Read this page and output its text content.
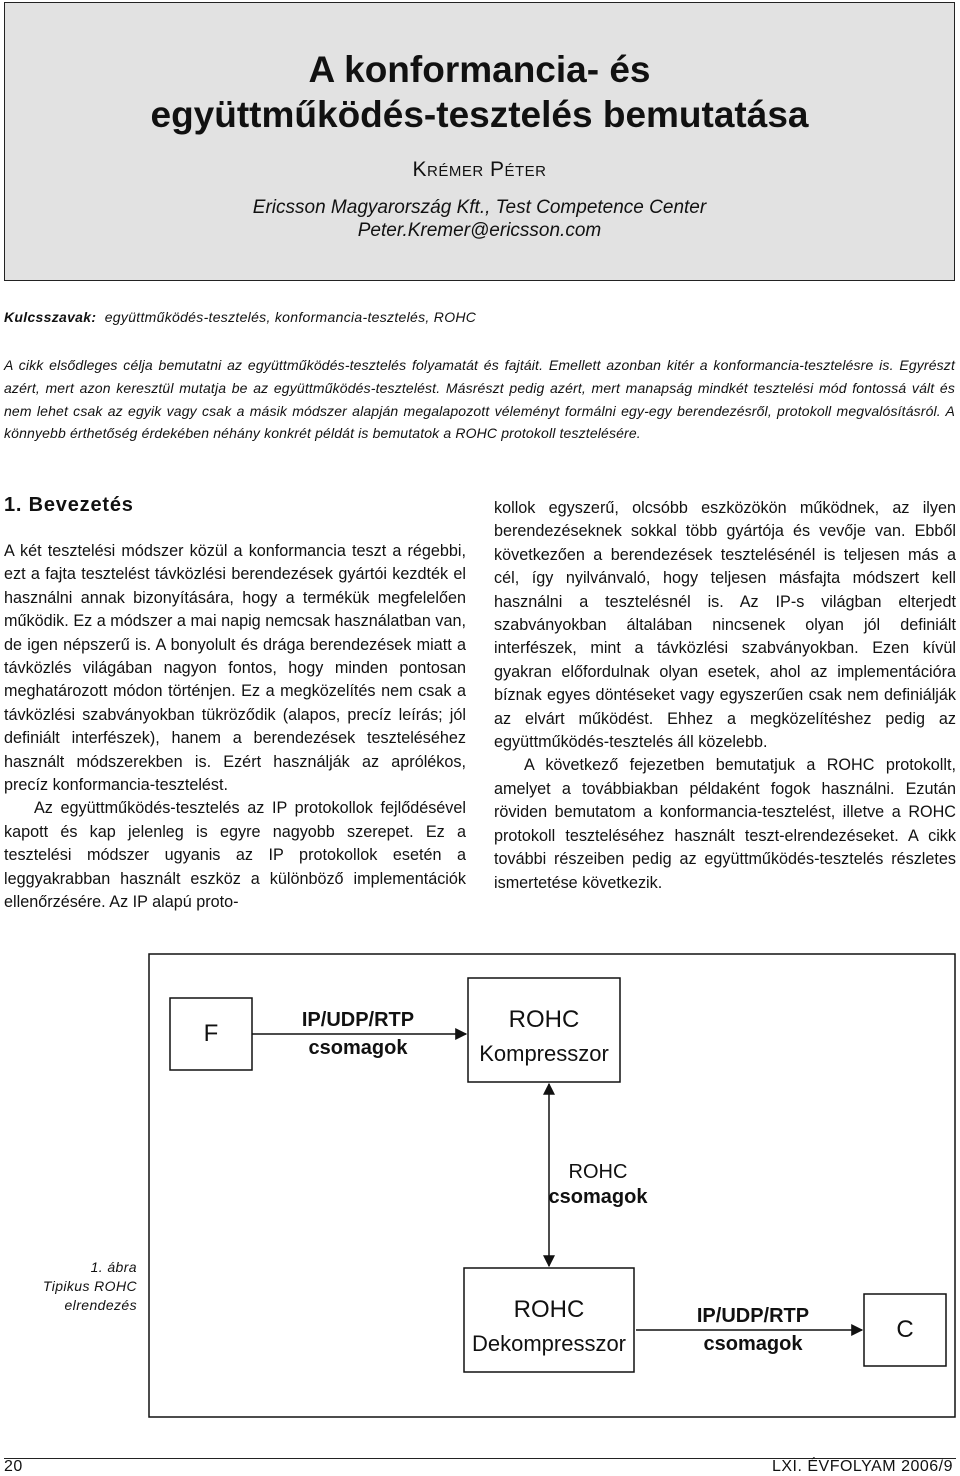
A konformancia- és
együttműködés-tesztelés bemutatása
Krémer Péter
Ericsson Magyarország Kft., Test Competence Center
Peter.Kremer@ericsson.com
Kulcsszavak: együttműködés-tesztelés, konformancia-tesztelés, ROHC

A cikk elsődleges célja bemutatni az együttműködés-tesztelés folyamatát és fajtáit. Emellett azonban kitér a konformancia-tesztelésre is. Egyrészt azért, mert azon keresztül mutatja be az együttműködés-tesztelést. Másrészt pedig azért, mert manapság mindkét tesztelési mód fontossá vált és nem lehet csak az egyik vagy csak a másik módszer alapján megalapozott véleményt formálni egy-egy berendezésről, protokoll megvalósításról. A könnyebb érthetőség érdekében néhány konkrét példát is bemutatok a ROHC protokoll tesztelésére.

1. Bevezetés

A két tesztelési módszer közül a konformancia teszt a régebbi, ezt a fajta tesztelést távközlési berendezések gyártói kezdték el használni annak bizonyítására, hogy a termékük megfelelően működik. Ez a módszer a mai napig nemcsak használatban van, de igen népszerű is. A bonyolult és drága berendezések miatt a távközlés világában nagyon fontos, hogy minden pontosan meghatározott módon történjen. Ez a megközelítés nem csak a távközlési szabványokban tükröződik (alapos, precíz leírás; jól definiált interfészek), hanem a berendezések teszteléséhez használt módszerekben is. Ezért használják az aprólékos, precíz konformancia-tesztelést.

Az együttműködés-tesztelés az IP protokollok fejlődésével kapott és kap jelenleg is egyre nagyobb szerepet. Ez a tesztelési módszer ugyanis az IP protokollok esetén a leggyakrabban használt eszköz a különböző implementációk ellenőrzésére. Az IP alapú proto-

kollok egyszerű, olcsóbb eszközökön működnek, az ilyen berendezéseknek sokkal több gyártója és vevője van. Ebből következően a berendezések tesztelésénél is teljesen más a cél, így nyilvánvaló, hogy teljesen másfajta módszert kell használni a tesztelésnél is. Az IP-s világban elterjedt szabványokban általában nincsenek olyan jól definiált interfészek, mint a távközlési szabványokban. Ezen kívül gyakran előfordulnak olyan esetek, ahol az implementációra bíznak egyes döntéseket vagy egyszerűen csak nem definiálják az elvárt működést. Ehhez a megközelítéshez pedig az együttműködés-tesztelés áll közelebb.

A következő fejezetben bemutatjuk a ROHC protokollt, amelyet a továbbiakban példaként fogok használni. Ezután röviden bemutatom a konformancia-tesztelést, illetve a ROHC protokoll teszteléséhez használt teszt-elrendezéseket. A cikk további részeiben pedig az együttműködés-tesztelés részletes ismertetése következik.

F	IP/UDP/RTP
csomagok
ROHC
Kompresszor
ROHC
csomagok
ROHC
Dekompresszor
IP/UDP/RTP
csomagok
C
1. ábra
Tipikus ROHC
elrendezés
20	LXI. ÉVFOLYAM 2006/9
